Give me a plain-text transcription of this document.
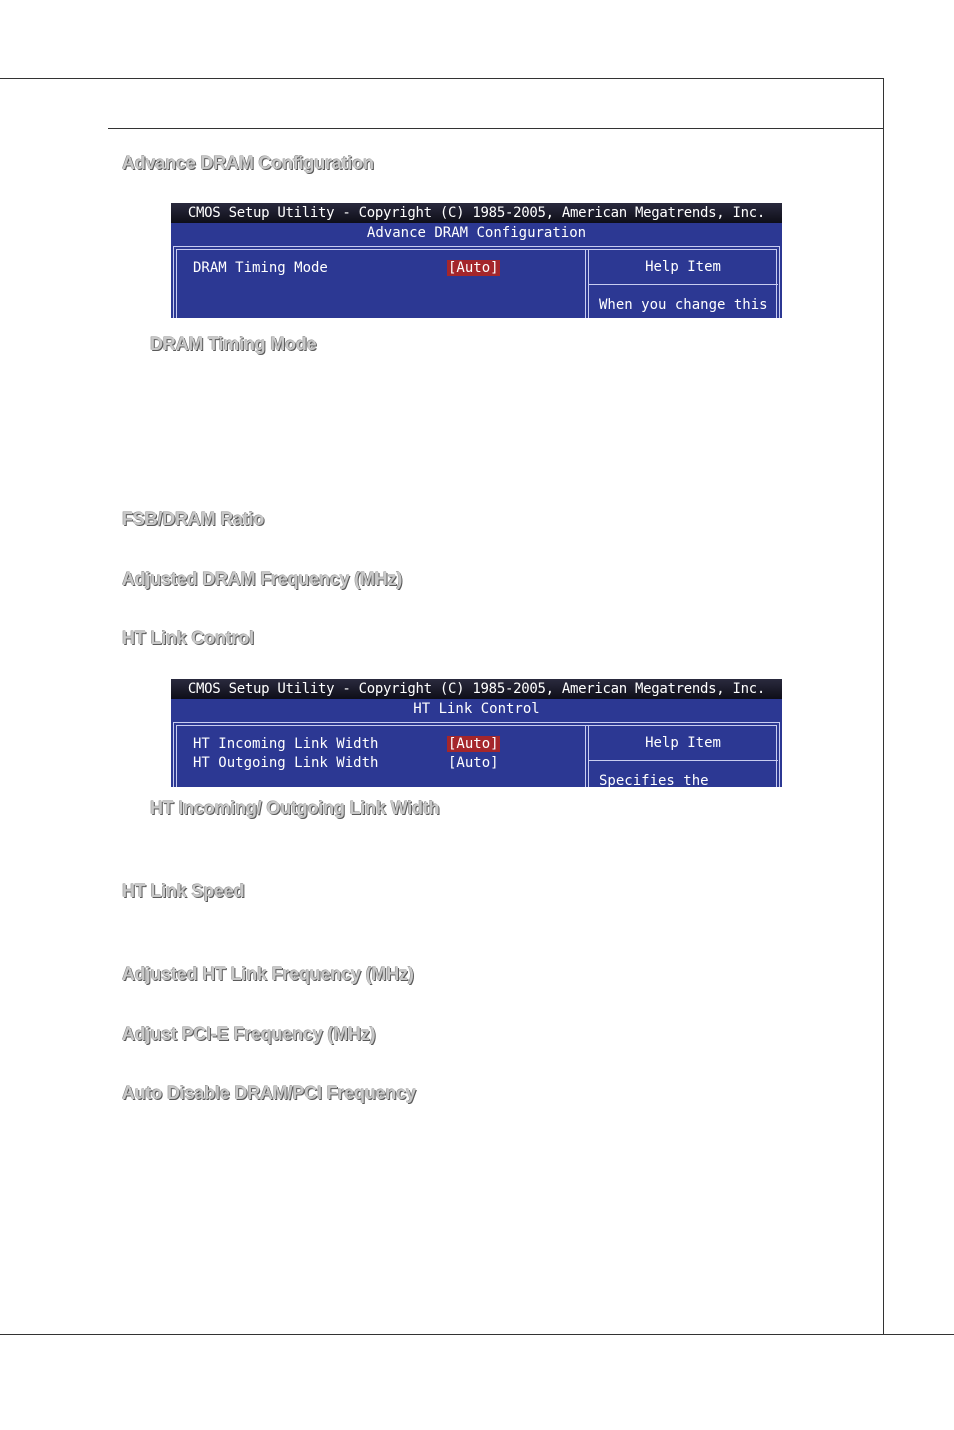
Advance DRAM Configuration
CMOS Setup Utility - Copyright (C) 1985-2005, American Megatrends, Inc.
Advance DRAM Configuration
Help Item
When you change this
DRAM Timing Mode	[Auto]
DRAM Timing Mode
FSB/DRAM Ratio
Adjusted DRAM Frequency (MHz)
HT Link Control
CMOS Setup Utility - Copyright (C) 1985-2005, American Megatrends, Inc.
HT Link Control
Help Item
Specifies the
HT Incoming Link Width	[Auto]
HT Outgoing Link Width	[Auto]
HT Incoming/ Outgoing Link Width
HT Link Speed
Adjusted HT Link Frequency (MHz)
Adjust PCI-E Frequency (MHz)
Auto Disable DRAM/PCI Frequency
